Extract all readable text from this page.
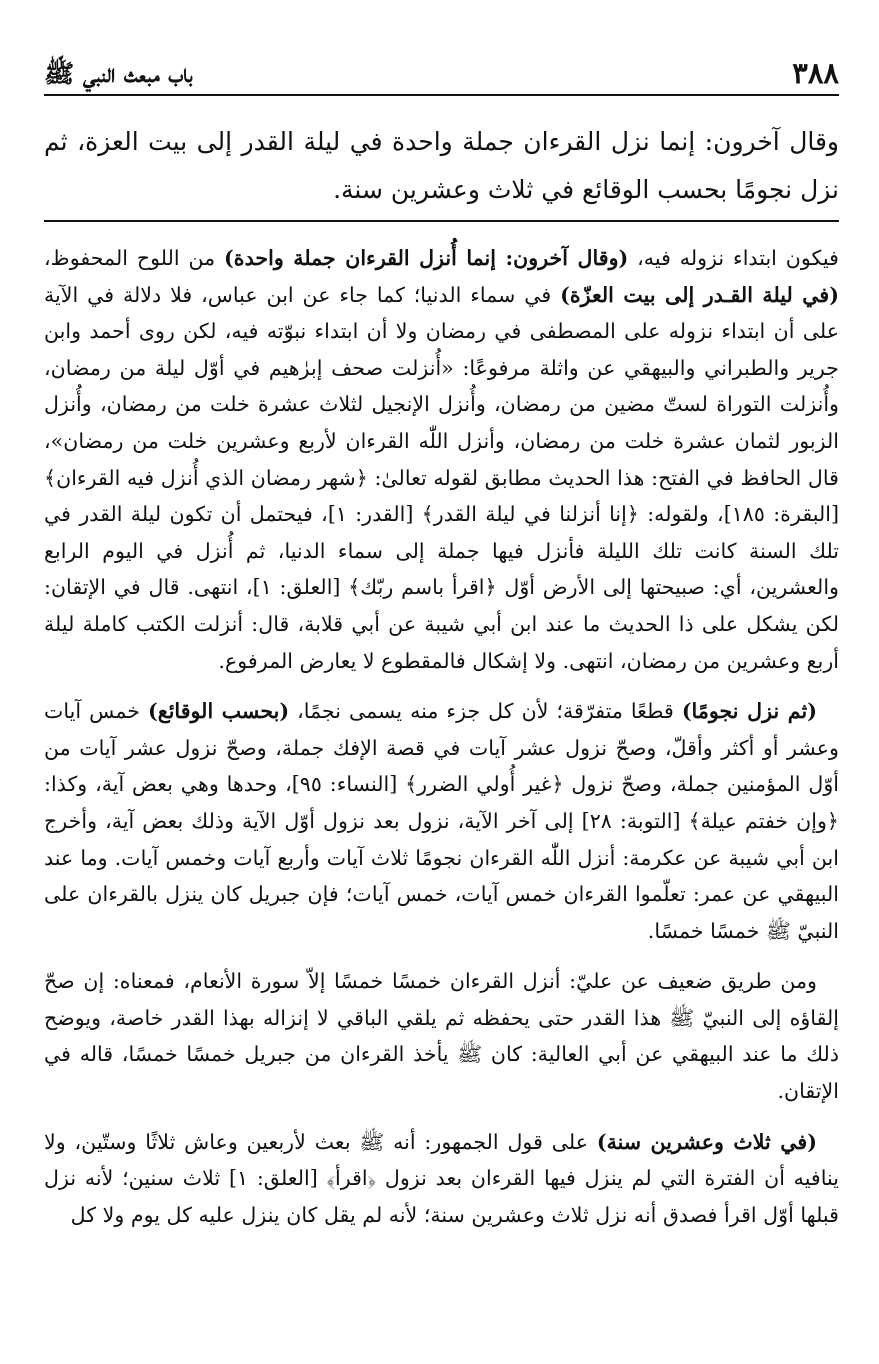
٣٨٨
باب مبعث النبي ﷺ
وقال آخرون: إنما نزل القرءان جملة واحدة في ليلة القدر إلى بيت العزة، ثم نزل نجومًا بحسب الوقائع في ثلاث وعشرين سنة.

فيكون ابتداء نزوله فيه، (وقال آخرون: إنما أُنزل القرءان جملة واحدة) من اللوح المحفوظ، (في ليلة القـدر إلى بيت العزّة) في سماء الدنيا؛ كما جاء عن ابن عباس، فلا دلالة في الآية على أن ابتداء نزوله على المصطفى في رمضان ولا أن ابتداء نبوّته فيه، لكن روى أحمد وابن جرير والطبراني والبيهقي عن واثلة مرفوعًا: «أُنزلت صحف إبرٰهيم في أوّل ليلة من رمضان، وأُنزلت التوراة لستّ مضين من رمضان، وأُنزل الإنجيل لثلاث عشرة خلت من رمضان، وأُنزل الزبور لثمان عشرة خلت من رمضان، وأنزل اللّٰه القرءان لأربع وعشرين خلت من رمضان»، قال الحافظ في الفتح: هذا الحديث مطابق لقوله تعالىٰ: ﴿شهر رمضان الذي أُنزل فيه القرءان﴾ [البقرة: ١٨٥]، ولقوله: ﴿إنا أنزلنا في ليلة القدر﴾ [القدر: ١]، فيحتمل أن تكون ليلة القدر في تلك السنة كانت تلك الليلة فأنزل فيها جملة إلى سماء الدنيا، ثم أُنزل في اليوم الرابع والعشرين، أي: صبيحتها إلى الأرض أوّل ﴿اقرأ باسم ربّك﴾ [العلق: ١]، انتهى. قال في الإتقان: لكن يشكل على ذا الحديث ما عند ابن أبي شيبة عن أبي قلابة، قال: أنزلت الكتب كاملة ليلة أربع وعشرين من رمضان، انتهى. ولا إشكال فالمقطوع لا يعارض المرفوع.

(ثم نزل نجومًا) قطعًا متفرّقة؛ لأن كل جزء منه يسمى نجمًا، (بحسب الوقائع) خمس آيات وعشر أو أكثر وأقلّ، وصحّ نزول عشر آيات في قصة الإفك جملة، وصحّ نزول عشر آيات من أوّل المؤمنين جملة، وصحّ نزول ﴿غير أُولي الضرر﴾ [النساء: ٩٥]، وحدها وهي بعض آية، وكذا: ﴿وإن خفتم عيلة﴾ [التوبة: ٢٨] إلى آخر الآية، نزول بعد نزول أوّل الآية وذلك بعض آية، وأخرج ابن أبي شيبة عن عكرمة: أنزل اللّٰه القرءان نجومًا ثلاث آيات وأربع آيات وخمس آيات. وما عند البيهقي عن عمر: تعلّموا القرءان خمس آيات، خمس آيات؛ فإن جبريل كان ينزل بالقرءان على النبيّ ﷺ خمسًا خمسًا.

ومن طريق ضعيف عن عليّ: أنزل القرءان خمسًا خمسًا إلاّ سورة الأنعام، فمعناه: إن صحّ إلقاؤه إلى النبيّ ﷺ هذا القدر حتى يحفظه ثم يلقي الباقي لا إنزاله بهذا القدر خاصة، ويوضح ذلك ما عند البيهقي عن أبي العالية: كان ﷺ يأخذ القرءان من جبريل خمسًا خمسًا، قاله في الإتقان.

(في ثلاث وعشرين سنة) على قول الجمهور: أنه ﷺ بعث لأربعين وعاش ثلاثًا وستّين، ولا ينافيه أن الفترة التي لم ينزل فيها القرءان بعد نزول ﴿اقرأ﴾ [العلق: ١] ثلاث سنين؛ لأنه نزل قبلها أوّل اقرأ فصدق أنه نزل ثلاث وعشرين سنة؛ لأنه لم يقل كان ينزل عليه كل يوم ولا كل
